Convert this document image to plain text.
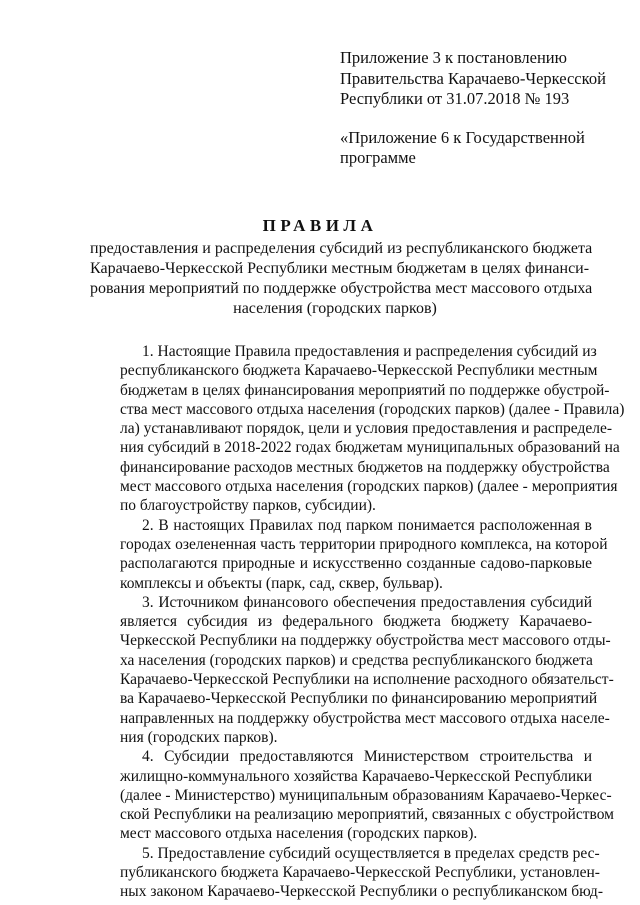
Приложение 3 к постановлению
Правительства Карачаево-Черкесской
Республики от 31.07.2018 № 193
«Приложение 6 к Государственной
программе
ПРАВИЛА
предоставления и распределения субсидий из республиканского бюджета
Карачаево-Черкесской Республики местным бюджетам в целях финанси-
рования мероприятий по поддержке обустройства мест массового отдыха
населения (городских парков)
1. Настоящие Правила предоставления и распределения субсидий из
республиканского бюджета Карачаево-Черкесской Республики местным
бюджетам в целях финансирования мероприятий по поддержке обустрой-
ства мест массового отдыха населения (городских парков) (далее - Правила)
ла) устанавливают порядок, цели и условия предоставления и распределе-
ния субсидий в 2018-2022 годах бюджетам муниципальных образований на
финансирование расходов местных бюджетов на поддержку обустройства
мест массового отдыха населения (городских парков) (далее - мероприятия
по благоустройству парков, субсидии).
2. В настоящих Правилах под парком понимается расположенная в
городах озелененная часть территории природного комплекса, на которой
располагаются природные и искусственно созданные садово-парковые
комплексы и объекты (парк, сад, сквер, бульвар).
3. Источником финансового обеспечения предоставления субсидий
является субсидия из федерального бюджета бюджету Карачаево-
Черкесской Республики на поддержку обустройства мест массового отды-
ха населения (городских парков) и средства республиканского бюджета
Карачаево-Черкесской Республики на исполнение расходного обязательст-
ва Карачаево-Черкесской Республики по финансированию мероприятий
направленных на поддержку обустройства мест массового отдыха населе-
ния (городских парков).
4. Субсидии предоставляются Министерством строительства и
жилищно-коммунального хозяйства Карачаево-Черкесской Республики
(далее - Министерство) муниципальным образованиям Карачаево-Черкес-
ской Республики на реализацию мероприятий, связанных с обустройством
мест массового отдыха населения (городских парков).
5. Предоставление субсидий осуществляется в пределах средств рес-
публиканского бюджета Карачаево-Черкесской Республики, установлен-
ных законом Карачаево-Черкесской Республики о республиканском бюд-
